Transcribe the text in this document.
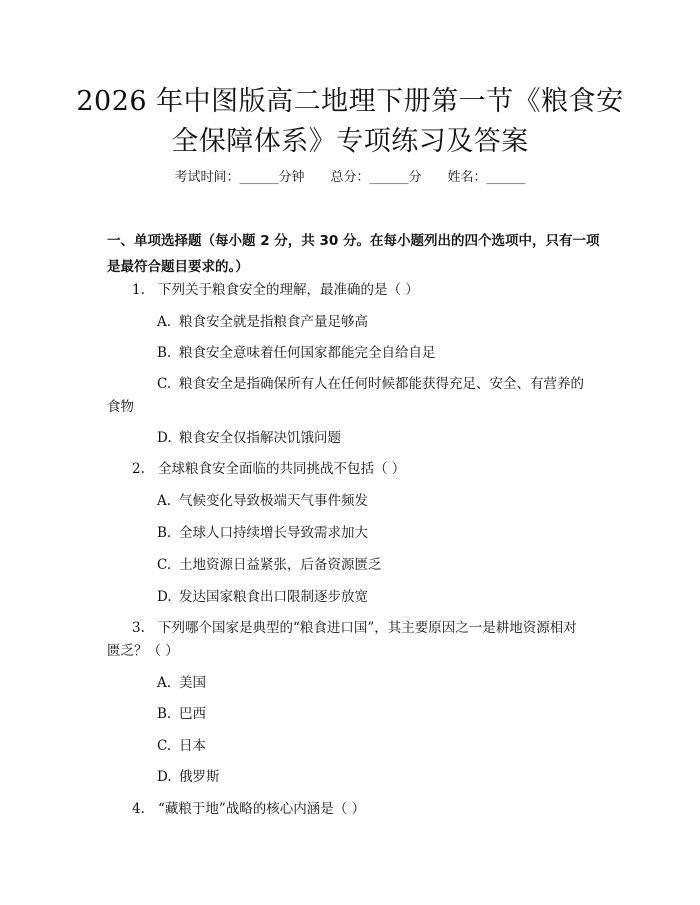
2026 年中图版高二地理下册第一节《粮食安
全保障体系》专项练习及答案
考试时间：______分钟 总分：______分 姓名：______
一、单项选择题（每小题 2 分，共 30 分。在每小题列出的四个选项中，只有一项
是最符合题目要求的。）
1. 下列关于粮食安全的理解，最准确的是（ ）
A. 粮食安全就是指粮食产量足够高
B. 粮食安全意味着任何国家都能完全自给自足
C. 粮食安全是指确保所有人在任何时候都能获得充足、安全、有营养的
食物
D. 粮食安全仅指解决饥饿问题
2. 全球粮食安全面临的共同挑战不包括（ ）
A. 气候变化导致极端天气事件频发
B. 全球人口持续增长导致需求加大
C. 土地资源日益紧张，后备资源匮乏
D. 发达国家粮食出口限制逐步放宽
3. 下列哪个国家是典型的“粮食进口国”，其主要原因之一是耕地资源相对
匮乏？（ ）
A. 美国
B. 巴西
C. 日本
D. 俄罗斯
4. “藏粮于地”战略的核心内涵是（ ）
